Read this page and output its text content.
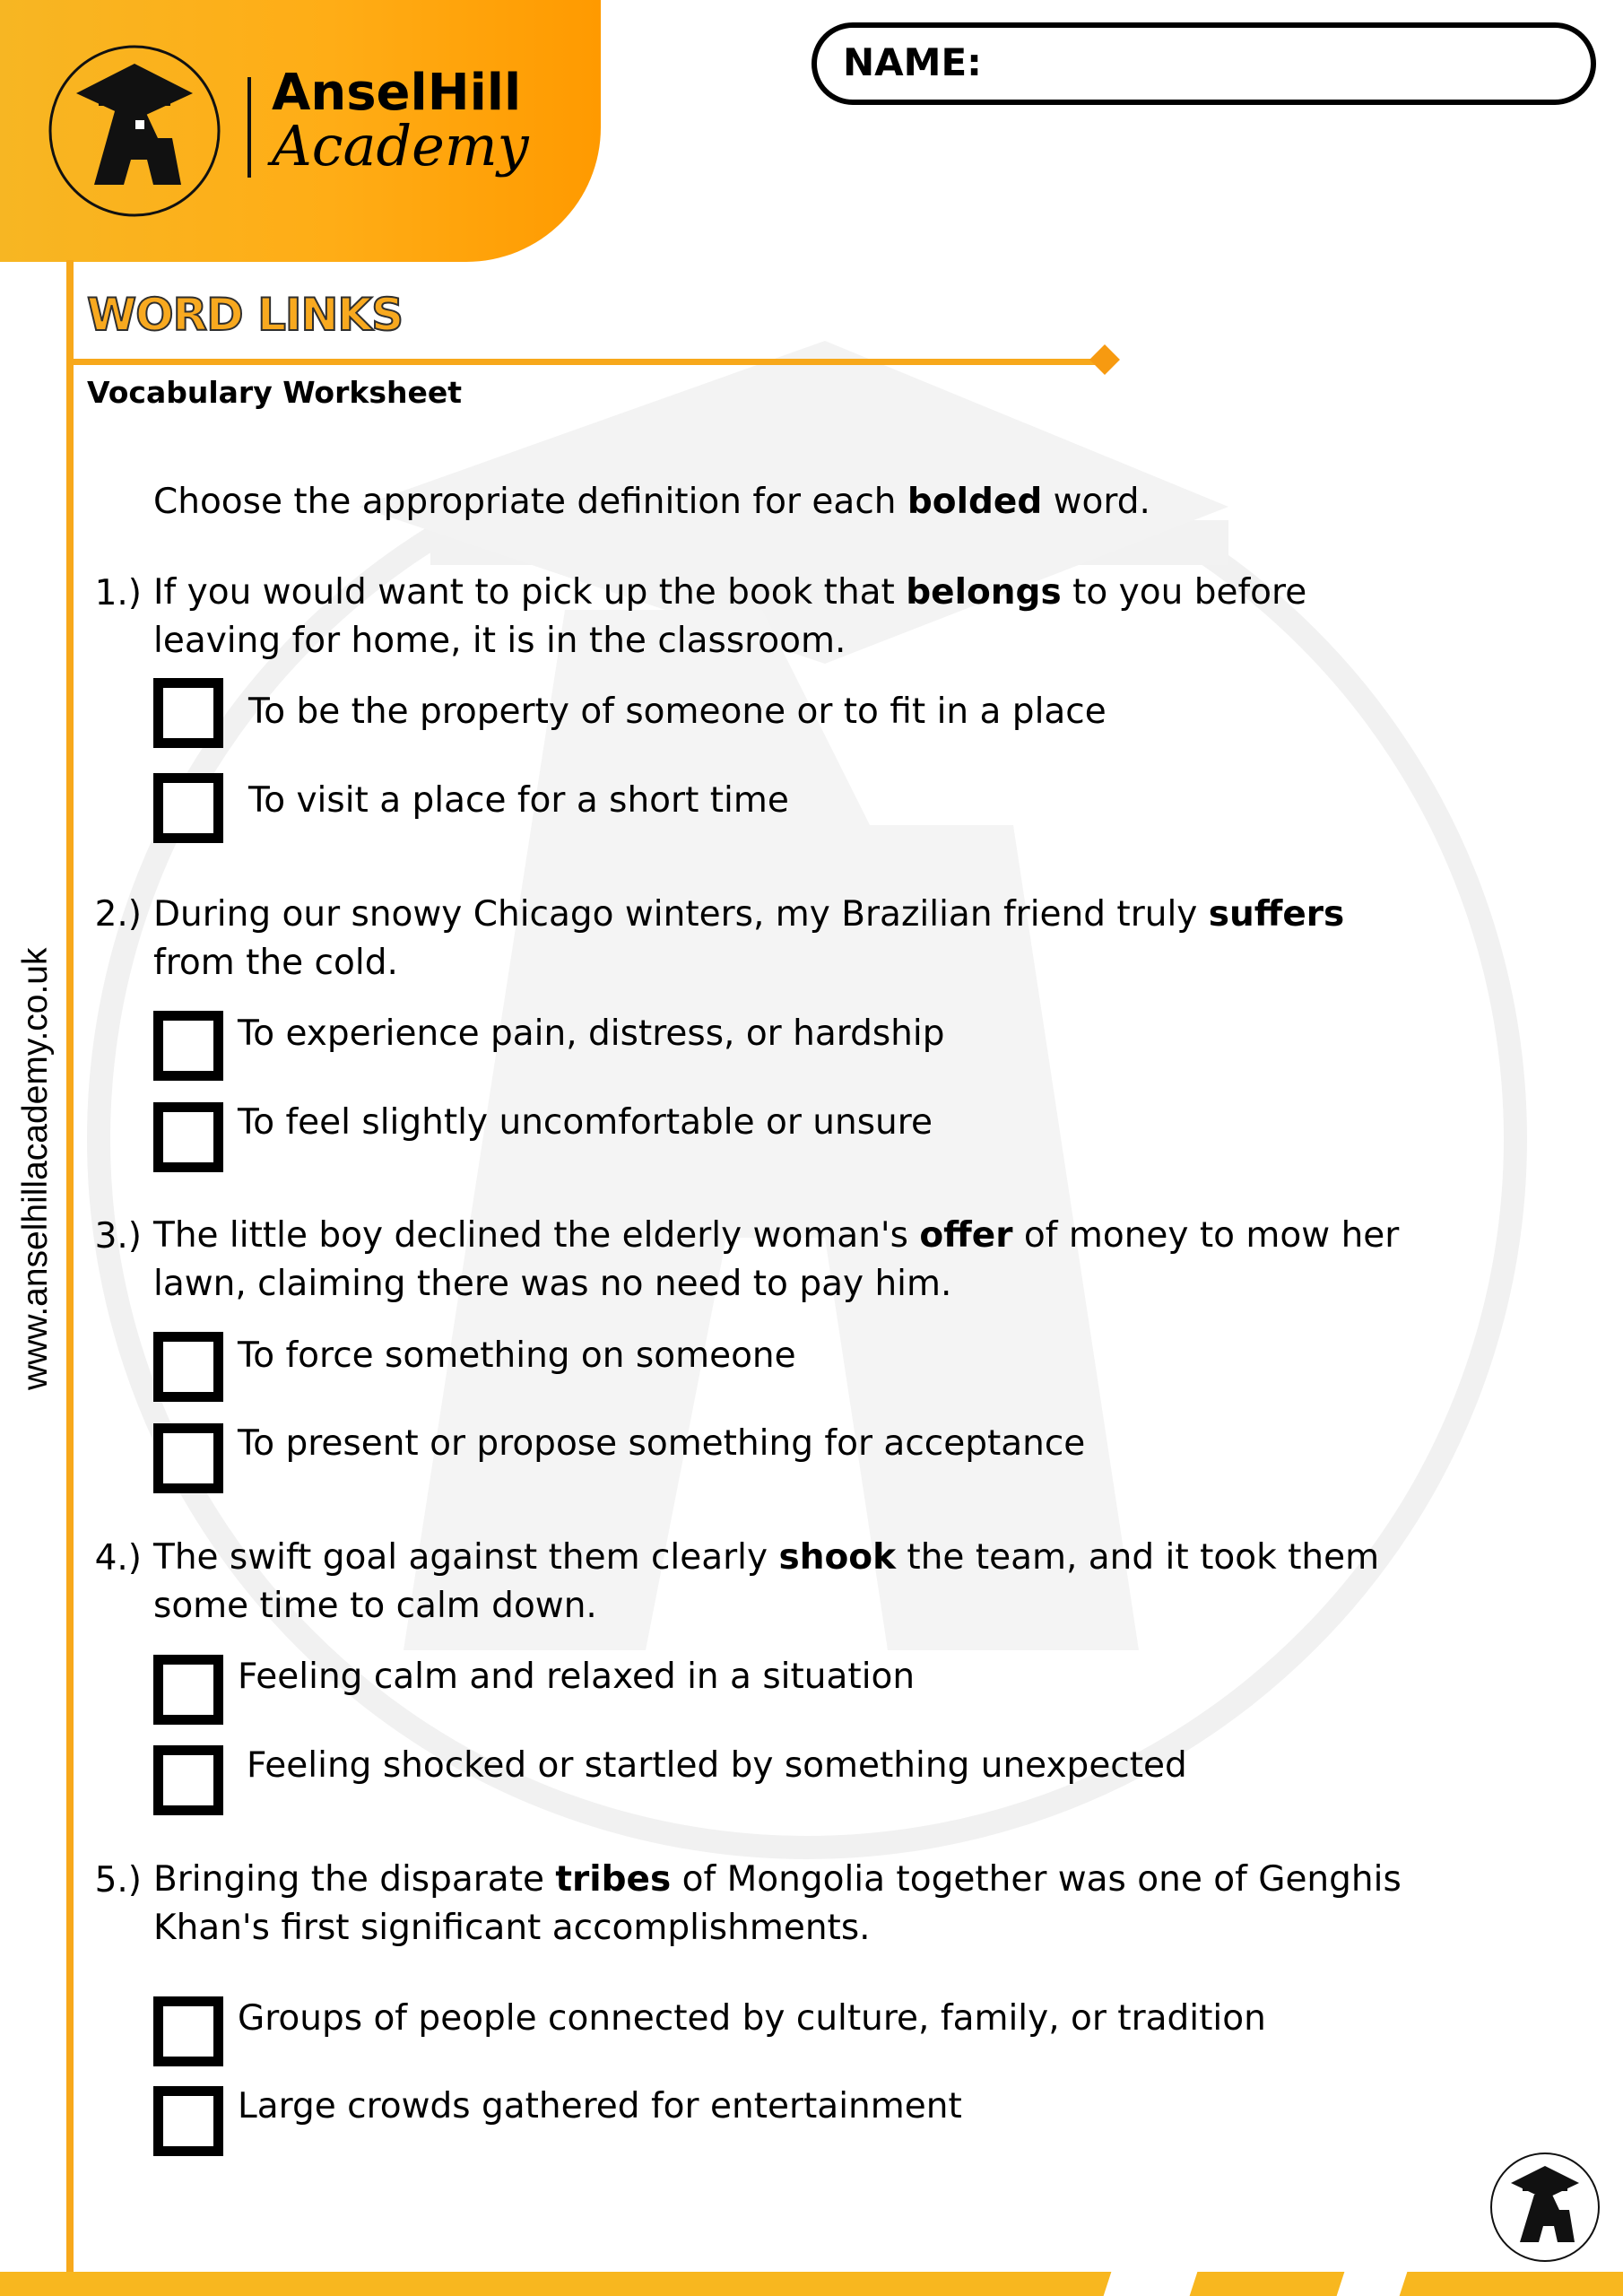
AnselHill
Academy
NAME:
www.anselhillacademy.co.uk
WORD LINKS
Vocabulary Worksheet
Choose the appropriate definition for each bolded word.
1.) If you would want to pick up the book that belongs to you before leaving for home, it is in the classroom.
To be the property of someone or to fit in a place
To visit a place for a short time
2.) During our snowy Chicago winters, my Brazilian friend truly suffers from the cold.
To experience pain, distress, or hardship
To feel slightly uncomfortable or unsure
3.) The little boy declined the elderly woman's offer of money to mow her lawn, claiming there was no need to pay him.
To force something on someone
To present or propose something for acceptance
4.) The swift goal against them clearly shook the team, and it took them some time to calm down.
Feeling calm and relaxed in a situation
Feeling shocked or startled by something unexpected
5.) Bringing the disparate tribes of Mongolia together was one of Genghis Khan's first significant accomplishments.
Groups of people connected by culture, family, or tradition
Large crowds gathered for entertainment
